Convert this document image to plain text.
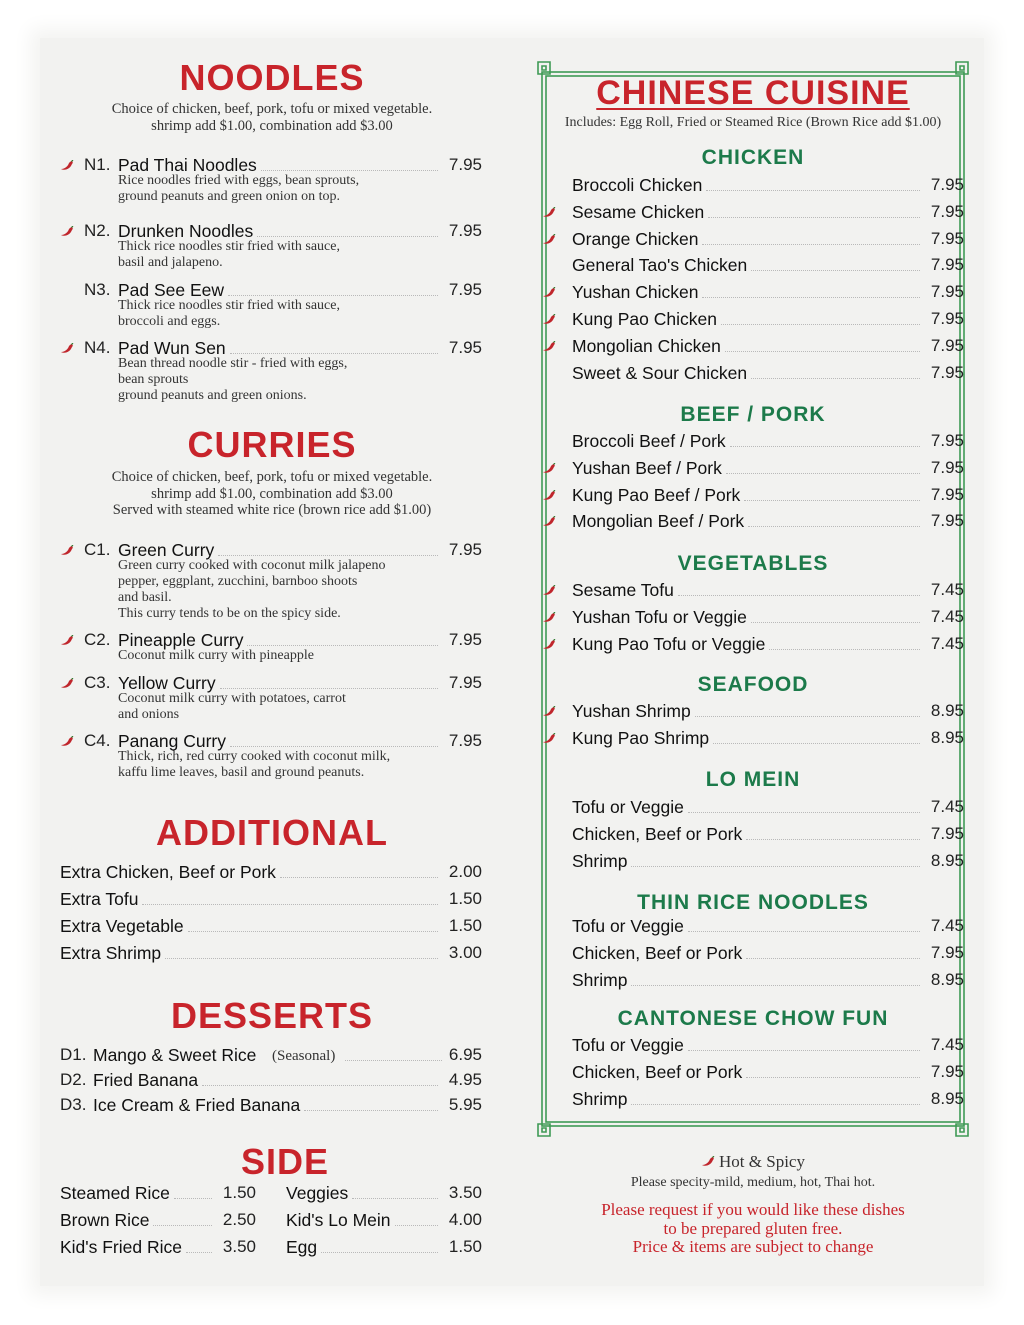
NOODLES

Choice of chicken, beef, pork, tofu or mixed vegetable.

shrimp add $1.00, combination add $3.00

N1. Pad Thai Noodles	7.95
Rice noodles fried with eggs, bean sprouts,
ground peanuts and green onion on top.
N2. Drunken Noodles	7.95
Thick rice noodles stir fried with sauce,
basil and jalapeno.
N3. Pad See Eew	7.95
Thick rice noodles stir fried with sauce,
broccoli and eggs.
N4. Pad Wun Sen	7.95
Bean thread noodle stir - fried with eggs,
bean sprouts
ground peanuts and green onions.
CURRIES

Choice of chicken, beef, pork, tofu or mixed vegetable.

shrimp add $1.00, combination add $3.00

Served with steamed white rice (brown rice add $1.00)

C1. Green Curry	7.95
Green curry cooked with coconut milk jalapeno
pepper, eggplant, zucchini, barnboo shoots
and basil.
This curry tends to be on the spicy side.
C2. Pineapple Curry	7.95
Coconut milk curry with pineapple
C3. Yellow Curry	7.95
Coconut milk curry with potatoes, carrot
and onions
C4. Panang Curry	7.95
Thick, rich, red curry cooked with coconut milk,
kaffu lime leaves, basil and ground peanuts.
ADDITIONAL
Extra Chicken, Beef or Pork	2.00
Extra Tofu	1.50
Extra Vegetable	1.50
Extra Shrimp	3.00
DESSERTS
D1. Mango & Sweet Rice (Seasonal)	6.95
D2. Fried Banana	4.95
D3. Ice Cream & Fried Banana	5.95
SIDE
Steamed Rice	1.50
Brown Rice	2.50
Kid's Fried Rice	3.50
Veggies	3.50
Kid's Lo Mein	4.00
Egg	1.50
CHINESE CUISINE

Includes: Egg Roll, Fried or Steamed Rice (Brown Rice add $1.00)

CHICKEN
Broccoli Chicken	7.95
Sesame Chicken	7.95
Orange Chicken	7.95
General Tao's Chicken	7.95
Yushan Chicken	7.95
Kung Pao Chicken	7.95
Mongolian Chicken	7.95
Sweet & Sour Chicken	7.95
BEEF / PORK
Broccoli Beef / Pork	7.95
Yushan Beef / Pork	7.95
Kung Pao Beef / Pork	7.95
Mongolian Beef / Pork	7.95
VEGETABLES
Sesame Tofu	7.45
Yushan Tofu or Veggie	7.45
Kung Pao Tofu or Veggie	7.45
SEAFOOD
Yushan Shrimp	8.95
Kung Pao Shrimp	8.95
LO MEIN
Tofu or Veggie	7.45
Chicken, Beef or Pork	7.95
Shrimp	8.95
THIN RICE NOODLES
Tofu or Veggie	7.45
Chicken, Beef or Pork	7.95
Shrimp	8.95
CANTONESE CHOW FUN
Tofu or Veggie	7.45
Chicken, Beef or Pork	7.95
Shrimp	8.95
Hot & Spicy
Please specity-mild, medium, hot, Thai hot.
Please request if you would like these dishes
to be prepared gluten free.
Price & items are subject to change
